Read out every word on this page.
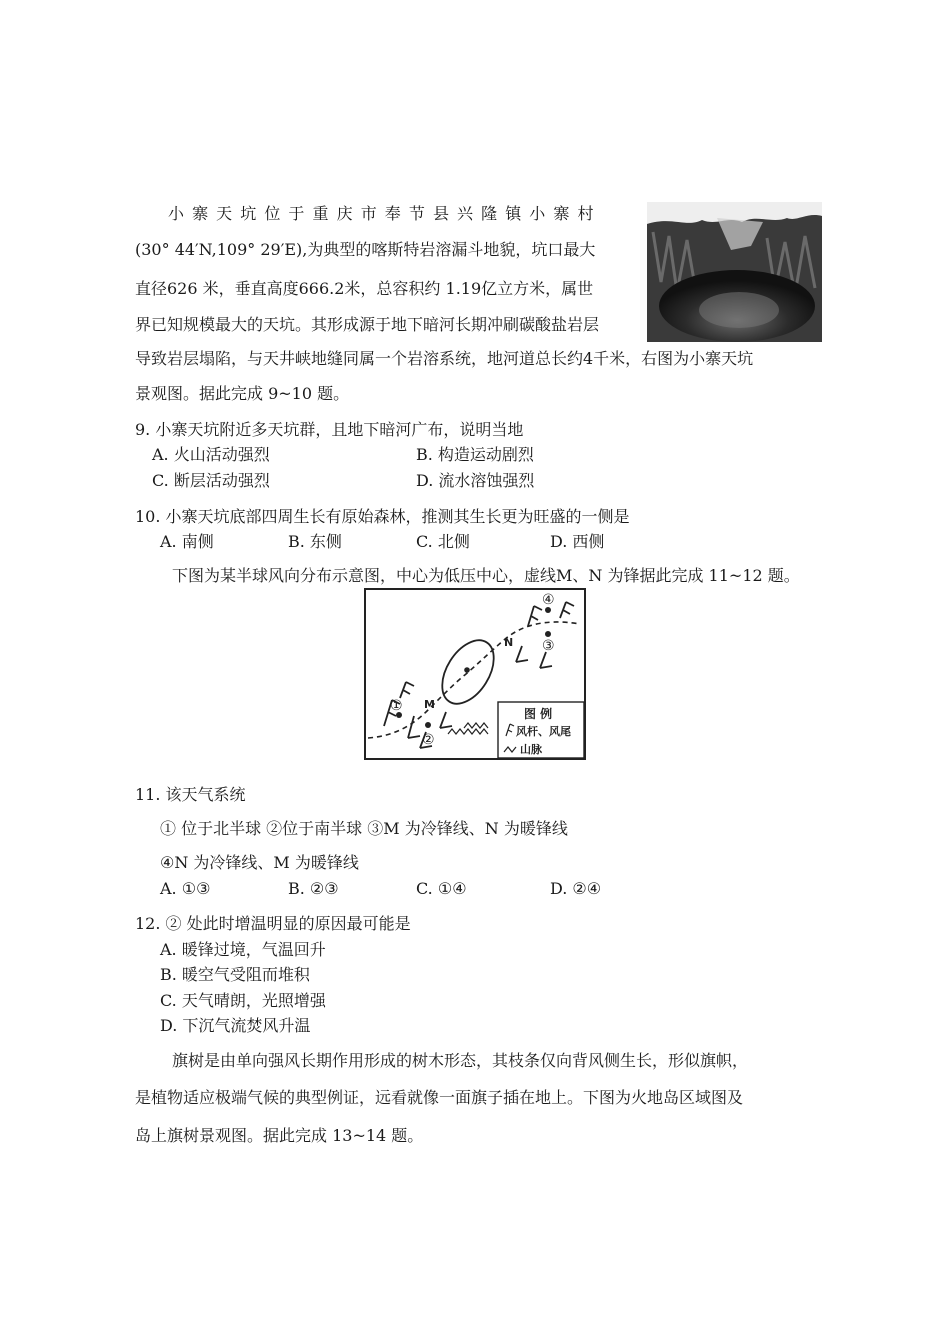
小 寨 天 坑 位 于 重 庆 市 奉 节 县 兴 隆 镇 小 寨 村
(30° 44′N,109° 29′E),为典型的喀斯特岩溶漏斗地貌，坑口最大
直径626 米，垂直高度666.2米，总容积约 1.19亿立方米，属世
界已知规模最大的天坑。其形成源于地下暗河长期冲刷碳酸盐岩层
导致岩层塌陷，与天井峡地缝同属一个岩溶系统，地河道总长约4千米，右图为小寨天坑
景观图。据此完成 9~10 题。
9. 小寨天坑附近多天坑群，且地下暗河广布，说明当地
A. 火山活动强烈	B. 构造运动剧烈
C. 断层活动强烈	D. 流水溶蚀强烈
10. 小寨天坑底部四周生长有原始森林，推测其生长更为旺盛的一侧是
A. 南侧	B. 东侧	C. 北侧	D. 西侧
下图为某半球风向分布示意图，中心为低压中心，虚线M、N 为锋据此完成 11~12 题。
①
②
③
④
M
N
图 例
风杆、风尾
山脉
11. 该天气系统
① 位于北半球 ②位于南半球 ③M 为冷锋线、N 为暖锋线
④N 为冷锋线、M 为暖锋线
A. ①③	B. ②③	C. ①④	D. ②④
12. ② 处此时增温明显的原因最可能是
A. 暖锋过境，气温回升
B. 暖空气受阻而堆积
C. 天气晴朗，光照增强
D. 下沉气流焚风升温
旗树是由单向强风长期作用形成的树木形态，其枝条仅向背风侧生长，形似旗帜，
是植物适应极端气候的典型例证，远看就像一面旗子插在地上。下图为火地岛区域图及
岛上旗树景观图。据此完成 13~14 题。
